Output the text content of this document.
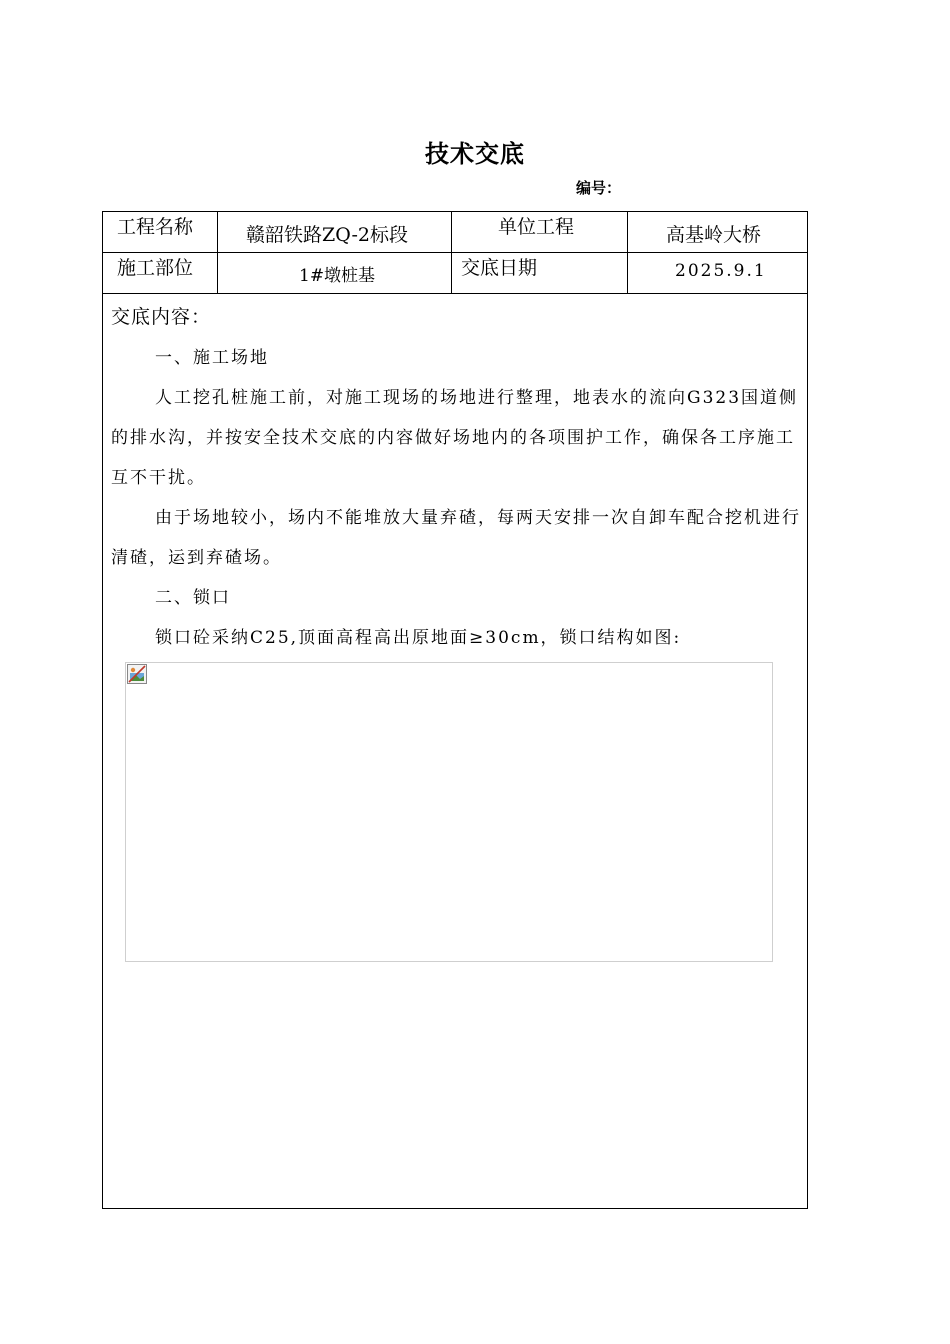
技术交底
编号：
工程名称	赣韶铁路ZQ-2标段	单位工程	高基岭大桥
施工部位	1#墩桩基	交底日期	2025.9.1
交底内容：
一、施工场地
人工挖孔桩施工前，对施工现场的场地进行整理，地表水的流向G323国道侧的排水沟，并按安全技术交底的内容做好场地内的各项围护工作，确保各工序施工互不干扰。
由于场地较小，场内不能堆放大量弃碴，每两天安排一次自卸车配合挖机进行清碴，运到弃碴场。
二、锁口
锁口砼采纳C25,顶面高程高出原地面≥30cm，锁口结构如图:
